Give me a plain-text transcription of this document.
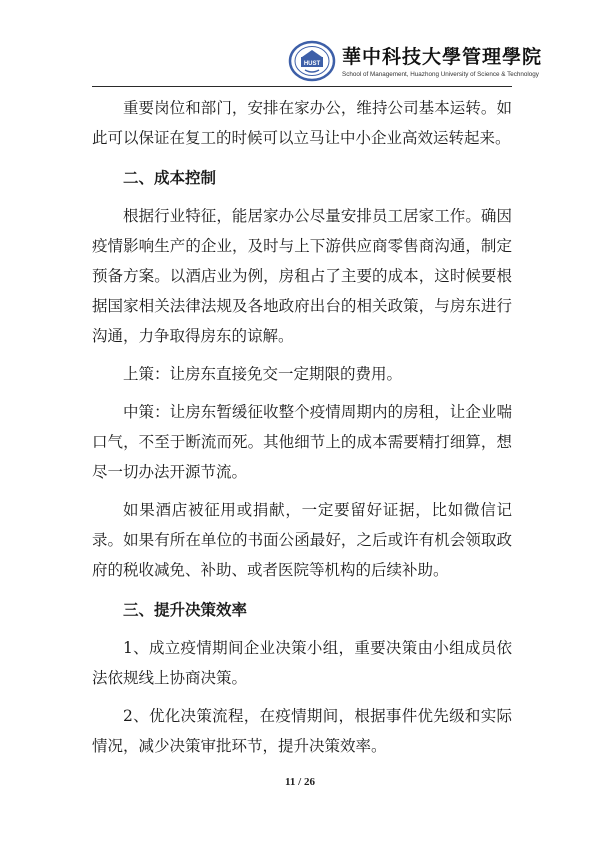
HUST 華中科技大學管理學院
School of Management, Huazhong University of Science & Technology

重要岗位和部门，安排在家办公，维持公司基本运转。如此可以保证在复工的时候可以立马让中小企业高效运转起来。

二、成本控制

根据行业特征，能居家办公尽量安排员工居家工作。确因疫情影响生产的企业，及时与上下游供应商零售商沟通，制定预备方案。以酒店业为例，房租占了主要的成本，这时候要根据国家相关法律法规及各地政府出台的相关政策，与房东进行沟通，力争取得房东的谅解。

上策：让房东直接免交一定期限的费用。

中策：让房东暂缓征收整个疫情周期内的房租，让企业喘口气，不至于断流而死。其他细节上的成本需要精打细算，想尽一切办法开源节流。

如果酒店被征用或捐献，一定要留好证据，比如微信记录。如果有所在单位的书面公函最好，之后或许有机会领取政府的税收减免、补助、或者医院等机构的后续补助。

三、提升决策效率

1、成立疫情期间企业决策小组，重要决策由小组成员依法依规线上协商决策。

2、优化决策流程，在疫情期间，根据事件优先级和实际情况，减少决策审批环节，提升决策效率。

11 / 26
